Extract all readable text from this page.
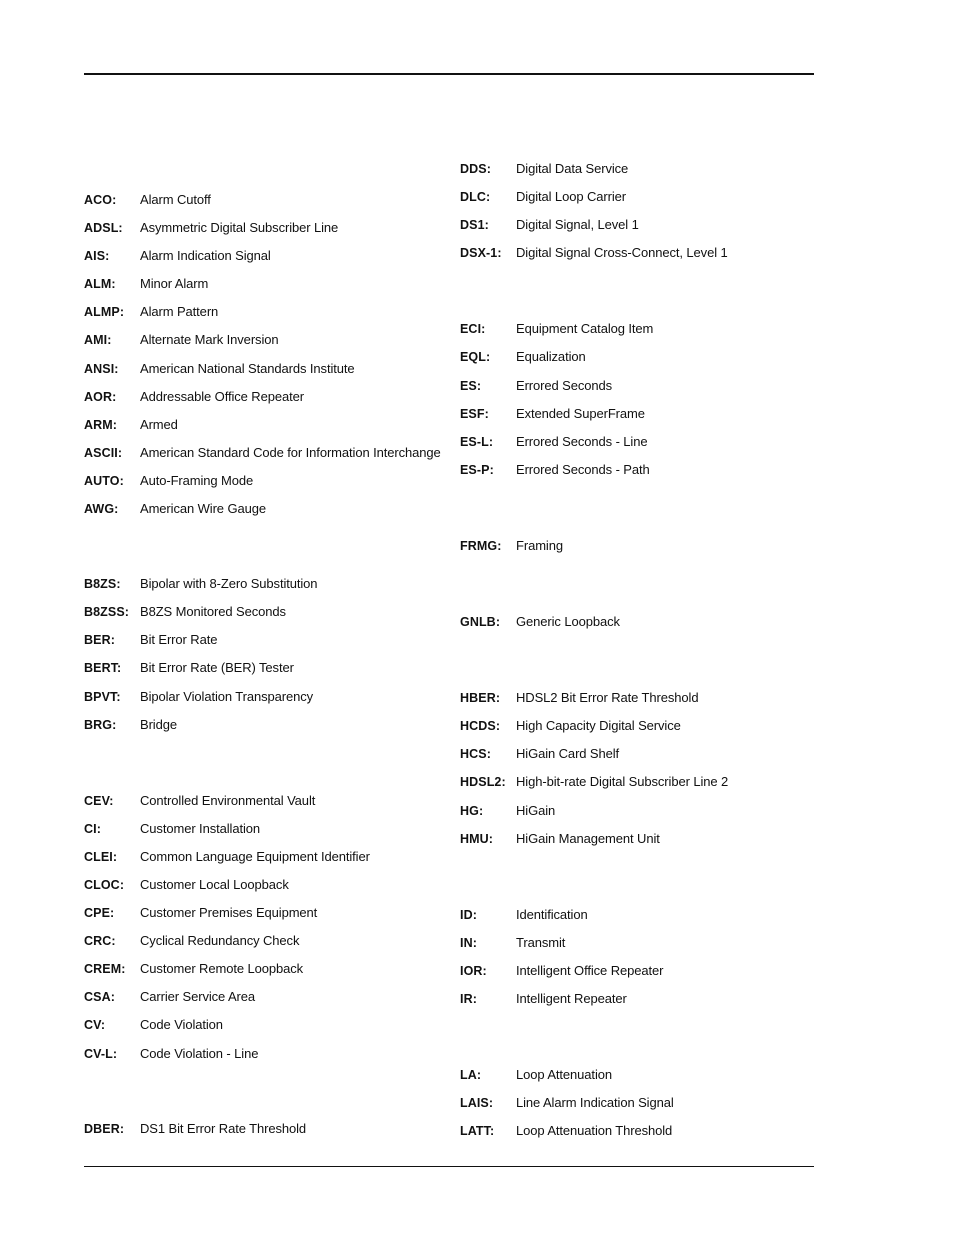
ACO: Alarm Cutoff
ADSL: Asymmetric Digital Subscriber Line
AIS: Alarm Indication Signal
ALM: Minor Alarm
ALMP: Alarm Pattern
AMI: Alternate Mark Inversion
ANSI: American National Standards Institute
AOR: Addressable Office Repeater
ARM: Armed
ASCII: American Standard Code for Information Interchange
AUTO: Auto-Framing Mode
AWG: American Wire Gauge
B8ZS: Bipolar with 8-Zero Substitution
B8ZSS: B8ZS Monitored Seconds
BER: Bit Error Rate
BERT: Bit Error Rate (BER) Tester
BPVT: Bipolar Violation Transparency
BRG: Bridge
CEV: Controlled Environmental Vault
CI:	Customer Installation
CLEI: Common Language Equipment Identifier
CLOC: Customer Local Loopback
CPE: Customer Premises Equipment
CRC: Cyclical Redundancy Check
CREM: Customer Remote Loopback
CSA: Carrier Service Area
CV:	Code Violation
CV-L: Code Violation - Line
DBER: DS1 Bit Error Rate Threshold
DDS: Digital Data Service
DLC: Digital Loop Carrier
DS1: Digital Signal, Level 1
DSX-1: Digital Signal Cross-Connect, Level 1
ECI: Equipment Catalog Item
EQL: Equalization
ES:	Errored Seconds
ESF: Extended SuperFrame
ES-L: Errored Seconds - Line
ES-P: Errored Seconds - Path
FRMG: Framing
GNLB: Generic Loopback
HBER: HDSL2 Bit Error Rate Threshold
HCDS: High Capacity Digital Service
HCS: HiGain Card Shelf
HDSL2: High-bit-rate Digital Subscriber Line 2
HG:	HiGain
HMU: HiGain Management Unit
ID:	Identification
IN:	Transmit
IOR: Intelligent Office Repeater
IR:	Intelligent Repeater
LA:	Loop Attenuation
LAIS: Line Alarm Indication Signal
LATT: Loop Attenuation Threshold
